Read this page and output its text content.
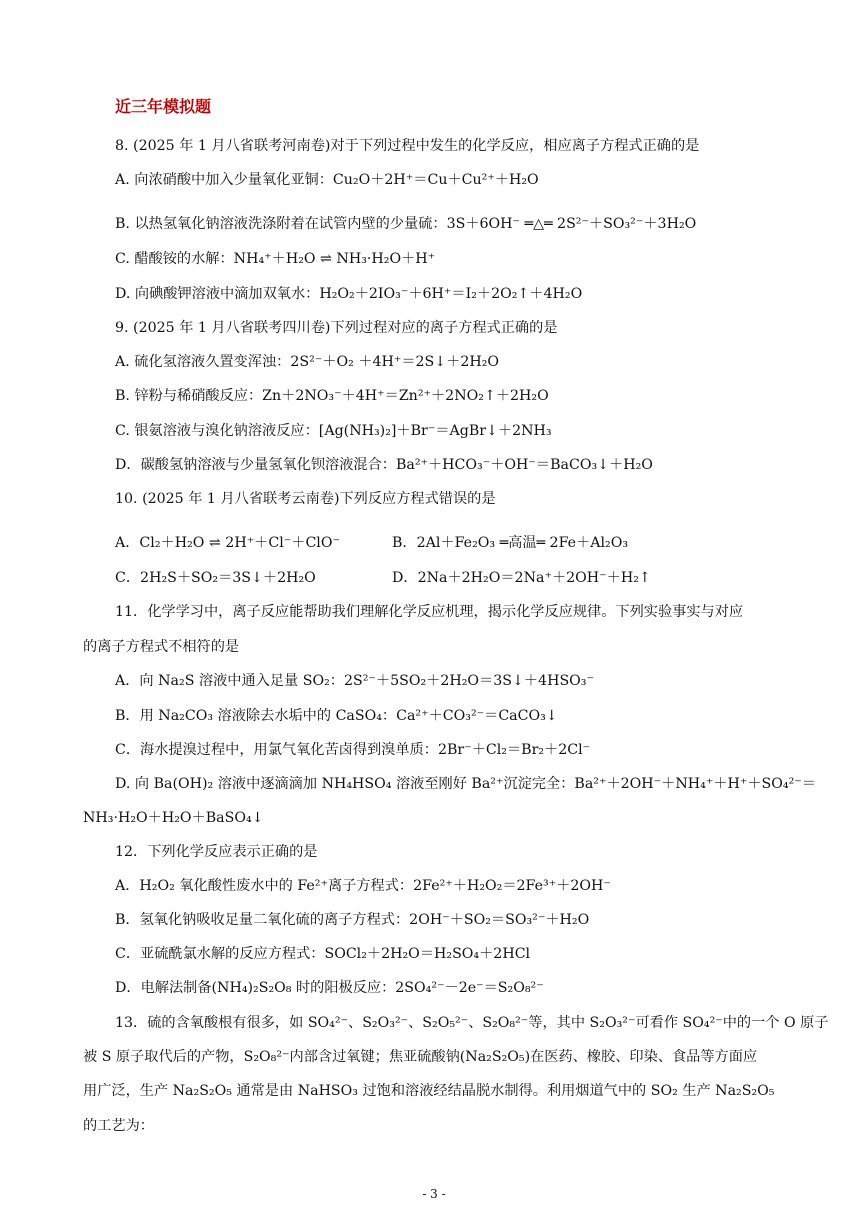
近三年模拟题
8. (2025 年 1 月八省联考河南卷)对于下列过程中发生的化学反应，相应离子方程式正确的是
A. 向浓硝酸中加入少量氧化亚铜：Cu₂O＋2H⁺＝Cu＋Cu²⁺＋H₂O
B. 以热氢氧化钠溶液洗涤附着在试管内壁的少量硫：3S＋6OH⁻ ═△═ 2S²⁻＋SO₃²⁻＋3H₂O
C. 醋酸铵的水解：NH₄⁺＋H₂O ⇌ NH₃·H₂O＋H⁺
D. 向碘酸钾溶液中滴加双氧水：H₂O₂＋2IO₃⁻＋6H⁺＝I₂＋2O₂↑＋4H₂O
9. (2025 年 1 月八省联考四川卷)下列过程对应的离子方程式正确的是
A. 硫化氢溶液久置变浑浊：2S²⁻＋O₂ ＋4H⁺＝2S↓＋2H₂O
B. 锌粉与稀硝酸反应：Zn＋2NO₃⁻＋4H⁺＝Zn²⁺＋2NO₂↑＋2H₂O
C. 银氨溶液与溴化钠溶液反应：[Ag(NH₃)₂]＋Br⁻＝AgBr↓＋2NH₃
D．碳酸氢钠溶液与少量氢氧化钡溶液混合：Ba²⁺＋HCO₃⁻＋OH⁻＝BaCO₃↓＋H₂O
10. (2025 年 1 月八省联考云南卷)下列反应方程式错误的是
A．Cl₂＋H₂O ⇌ 2H⁺＋Cl⁻＋ClO⁻	B．2Al＋Fe₂O₃ ═高温═ 2Fe＋Al₂O₃
C．2H₂S＋SO₂＝3S↓＋2H₂O	D．2Na＋2H₂O＝2Na⁺＋2OH⁻＋H₂↑
11．化学学习中，离子反应能帮助我们理解化学反应机理，揭示化学反应规律。下列实验事实与对应
的离子方程式不相符的是
A．向 Na₂S 溶液中通入足量 SO₂：2S²⁻＋5SO₂＋2H₂O＝3S↓＋4HSO₃⁻
B．用 Na₂CO₃ 溶液除去水垢中的 CaSO₄：Ca²⁺＋CO₃²⁻＝CaCO₃↓
C．海水提溴过程中，用氯气氧化苦卤得到溴单质：2Br⁻＋Cl₂＝Br₂＋2Cl⁻
D. 向 Ba(OH)₂ 溶液中逐滴滴加 NH₄HSO₄ 溶液至刚好 Ba²⁺沉淀完全：Ba²⁺＋2OH⁻＋NH₄⁺＋H⁺＋SO₄²⁻＝
NH₃·H₂O＋H₂O＋BaSO₄↓
12．下列化学反应表示正确的是
A．H₂O₂ 氧化酸性废水中的 Fe²⁺离子方程式：2Fe²⁺＋H₂O₂＝2Fe³⁺＋2OH⁻
B．氢氧化钠吸收足量二氧化硫的离子方程式：2OH⁻＋SO₂＝SO₃²⁻＋H₂O
C．亚硫酰氯水解的反应方程式：SOCl₂＋2H₂O＝H₂SO₄＋2HCl
D．电解法制备(NH₄)₂S₂O₈ 时的阳极反应：2SO₄²⁻－2e⁻＝S₂O₈²⁻
13．硫的含氧酸根有很多，如 SO₄²⁻、S₂O₃²⁻、S₂O₅²⁻、S₂O₈²⁻等，其中 S₂O₃²⁻可看作 SO₄²⁻中的一个 O 原子
被 S 原子取代后的产物，S₂O₈²⁻内部含过氧键；焦亚硫酸钠(Na₂S₂O₅)在医药、橡胶、印染、食品等方面应
用广泛，生产 Na₂S₂O₅ 通常是由 NaHSO₃ 过饱和溶液经结晶脱水制得。利用烟道气中的 SO₂ 生产 Na₂S₂O₅
的工艺为：
- 3 -
